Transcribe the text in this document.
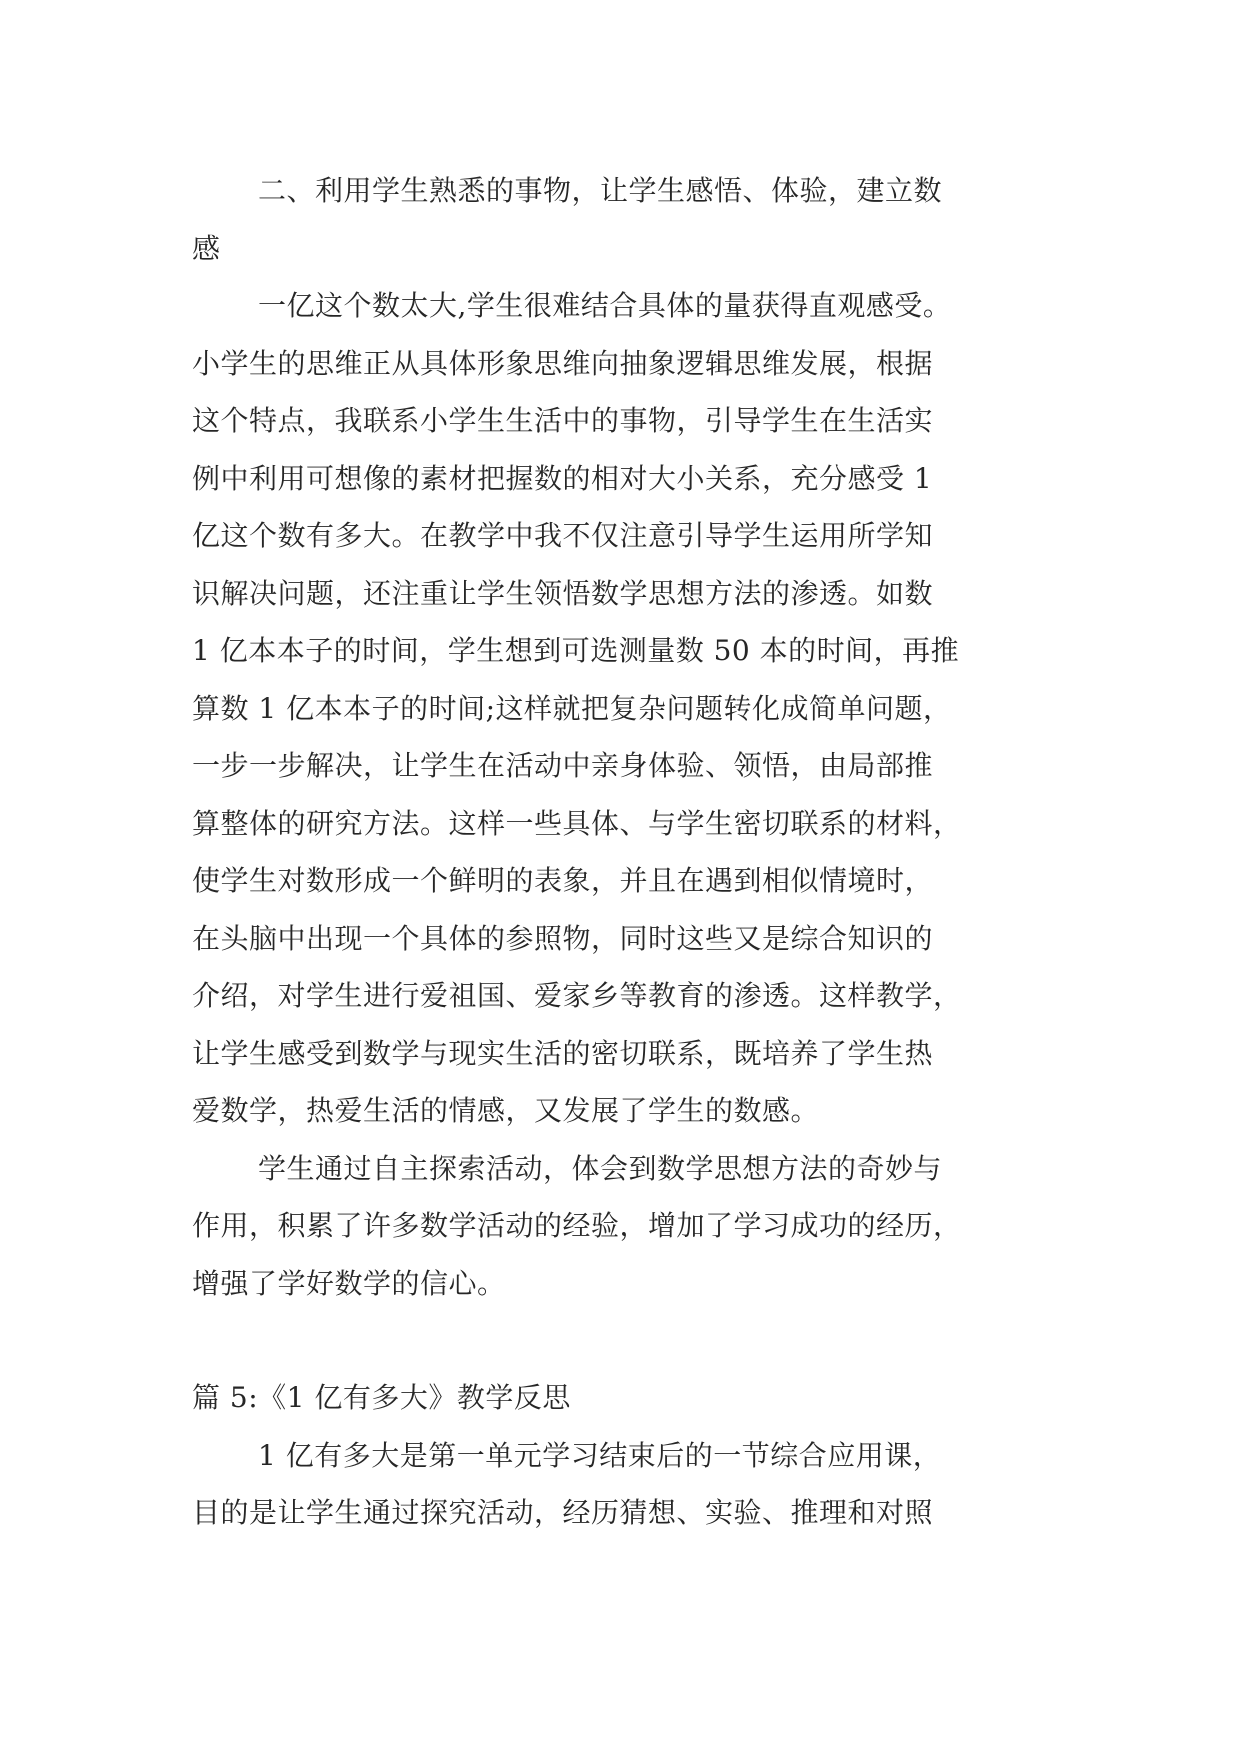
二、利用学生熟悉的事物，让学生感悟、体验，建立数
感
一亿这个数太大,学生很难结合具体的量获得直观感受。
小学生的思维正从具体形象思维向抽象逻辑思维发展，根据
这个特点，我联系小学生生活中的事物，引导学生在生活实
例中利用可想像的素材把握数的相对大小关系，充分感受 1
亿这个数有多大。在教学中我不仅注意引导学生运用所学知
识解决问题，还注重让学生领悟数学思想方法的渗透。如数
1 亿本本子的时间，学生想到可选测量数 50 本的时间，再推
算数 1 亿本本子的时间;这样就把复杂问题转化成简单问题，
一步一步解决，让学生在活动中亲身体验、领悟，由局部推
算整体的研究方法。这样一些具体、与学生密切联系的材料，
使学生对数形成一个鲜明的表象，并且在遇到相似情境时，
在头脑中出现一个具体的参照物，同时这些又是综合知识的
介绍，对学生进行爱祖国、爱家乡等教育的渗透。这样教学，
让学生感受到数学与现实生活的密切联系，既培养了学生热
爱数学，热爱生活的情感，又发展了学生的数感。
学生通过自主探索活动，体会到数学思想方法的奇妙与
作用，积累了许多数学活动的经验，增加了学习成功的经历，
增强了学好数学的信心。
篇 5:《1 亿有多大》教学反思
1 亿有多大是第一单元学习结束后的一节综合应用课，
目的是让学生通过探究活动，经历猜想、实验、推理和对照
